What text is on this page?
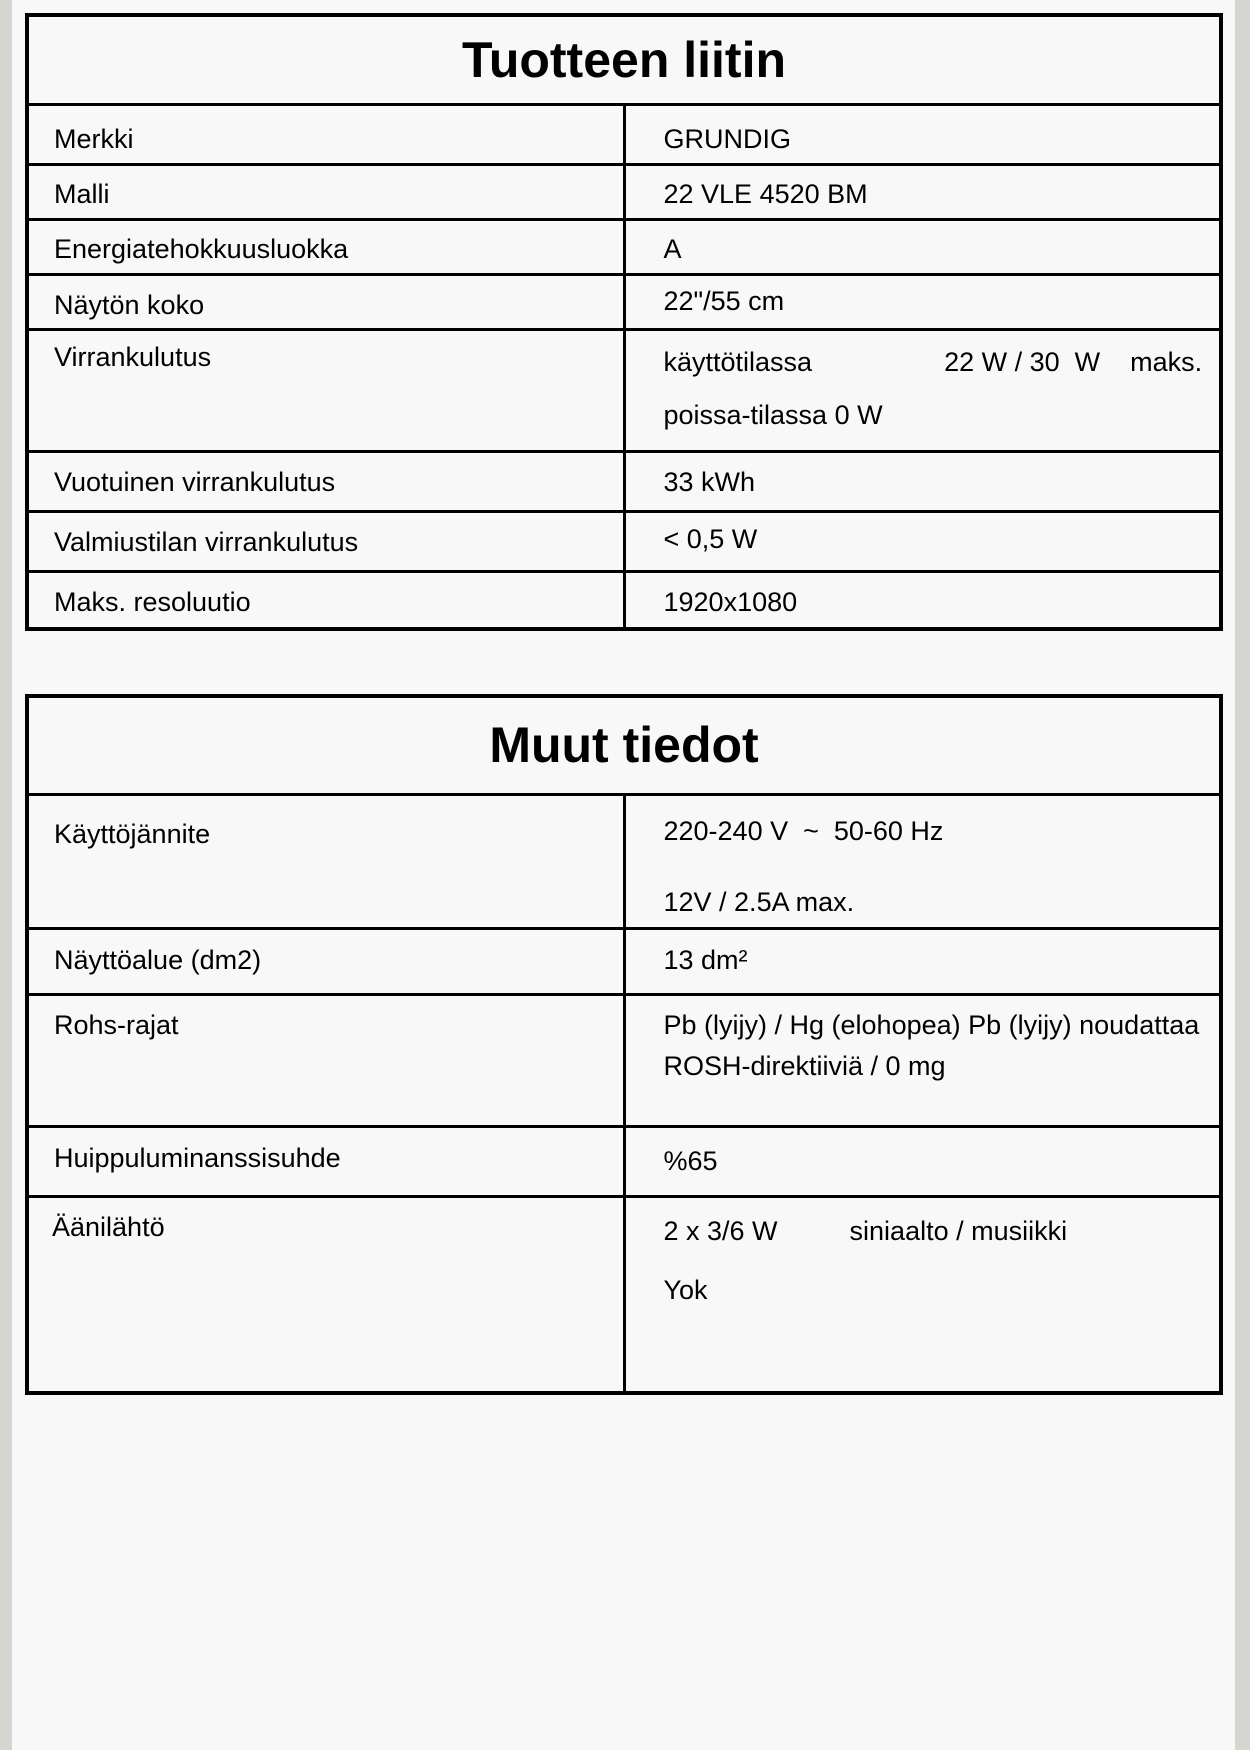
Tuotteen liitin	

Merkki	GRUNDIG

Malli	22 VLE 4520 BM

Energiatehokkuusluokka	A

Näytön koko	22"/55 cm

Virrankulutus	käyttötilassa 22 W / 30  W maks.
poissa-tilassa 0 W

Vuotuinen virrankulutus	33 kWh

Valmiustilan virrankulutus	< 0,5 W

Maks. resoluutio	1920x1080
Muut tiedot	

Käyttöjännite	220-240 V  ~  50-60 Hz
12V / 2.5A max.

Näyttöalue (dm2)	13 dm²

Rohs-rajat	Pb (lyijy) / Hg (elohopea) Pb (lyijy) noudattaa
ROSH-direktiiviä / 0 mg

Huippuluminanssisuhde	%65

Äänilähtö	2 x 3/6 W siniaalto / musiikki
Yok
